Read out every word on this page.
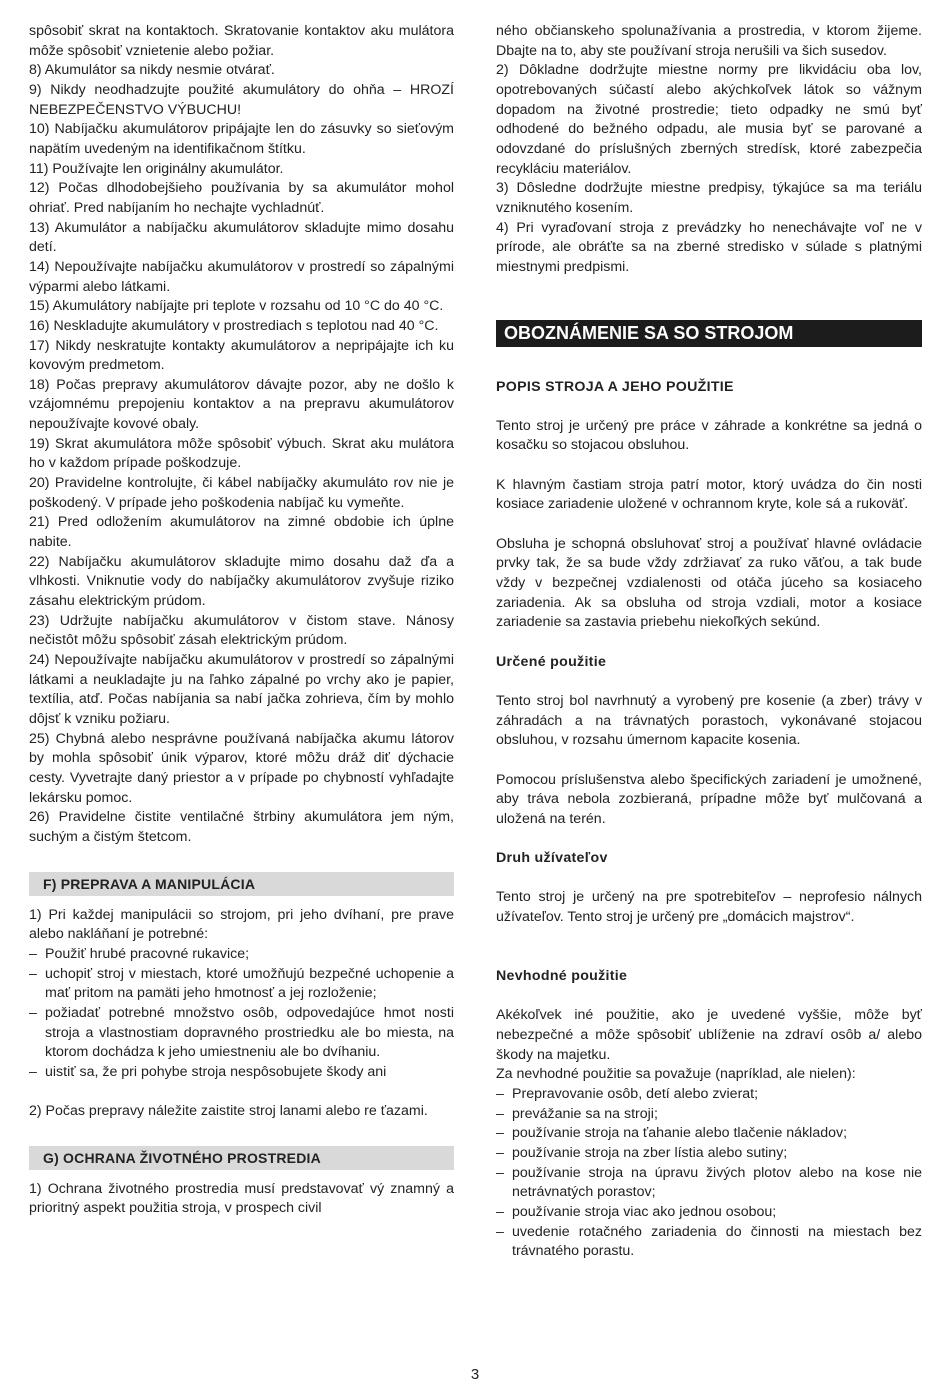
spôsobiť skrat na kontaktoch. Skratovanie kontaktov aku mulátora môže spôsobiť vznietenie alebo požiar.

8) Akumulátor sa nikdy nesmie otvárať.

9) Nikdy neodhadzujte použité akumulátory do ohňa – HROZÍ NEBEZPEČENSTVO VÝBUCHU!

10) Nabíjačku akumulátorov pripájajte len do zásuvky so sieťovým napätím uvedeným na identifikačnom štítku.

11) Používajte len originálny akumulátor.

12) Počas dlhodobejšieho používania by sa akumulátor mohol ohriať. Pred nabíjaním ho nechajte vychladnúť.

13) Akumulátor a nabíjačku akumulátorov skladujte mimo dosahu detí.

14) Nepoužívajte nabíjačku akumulátorov v prostredí so zápalnými výparmi alebo látkami.

15) Akumulátory nabíjajte pri teplote v rozsahu od 10 °C do 40 °C.

16) Neskladujte akumulátory v prostrediach s teplotou nad 40 °C.

17) Nikdy neskratujte kontakty akumulátorov a nepripájajte ich ku kovovým predmetom.

18) Počas prepravy akumulátorov dávajte pozor, aby ne došlo k vzájomnému prepojeniu kontaktov a na prepravu akumulátorov nepoužívajte kovové obaly.

19) Skrat akumulátora môže spôsobiť výbuch. Skrat aku mulátora ho v každom prípade poškodzuje.

20) Pravidelne kontrolujte, či kábel nabíjačky akumuláto rov nie je poškodený. V prípade jeho poškodenia nabíjač ku vymeňte.

21) Pred odložením akumulátorov na zimné obdobie ich úplne nabite.

22) Nabíjačku akumulátorov skladujte mimo dosahu daž ďa a vlhkosti. Vniknutie vody do nabíjačky akumulátorov zvyšuje riziko zásahu elektrickým prúdom.

23) Udržujte nabíjačku akumulátorov v čistom stave. Nánosy nečistôt môžu spôsobiť zásah elektrickým prúdom.

24) Nepoužívajte nabíjačku akumulátorov v prostredí so zápalnými látkami a neukladajte ju na ľahko zápalné po vrchy ako je papier, textília, atď. Počas nabíjania sa nabí jačka zohrieva, čím by mohlo dôjsť k vzniku požiaru.

25) Chybná alebo nesprávne používaná nabíjačka akumu látorov by mohla spôsobiť únik výparov, ktoré môžu dráž diť dýchacie cesty. Vyvetrajte daný priestor a v prípade po chybností vyhľadajte lekársku pomoc.

26) Pravidelne čistite ventilačné štrbiny akumulátora jem ným, suchým a čistým štetcom.

F) PREPRAVA A MANIPULÁCIA

1) Pri každej manipulácii so strojom, pri jeho dvíhaní, pre prave alebo nakláňaní je potrebné:

– Použiť hrubé pracovné rukavice;
– uchopiť stroj v miestach, ktoré umožňujú bezpečné uchopenie a mať pritom na pamäti jeho hmotnosť a jej rozloženie;
– požiadať potrebné množstvo osôb, odpovedajúce hmot nosti stroja a vlastnostiam dopravného prostriedku ale bo miesta, na ktorom dochádza k jeho umiestneniu ale bo dvíhaniu.
– uistiť sa, že pri pohybe stroja nespôsobujete škody ani

2) Počas prepravy náležite zaistite stroj lanami alebo re ťazami.

G) OCHRANA ŽIVOTNÉHO PROSTREDIA

1) Ochrana životného prostredia musí predstavovať vý znamný a prioritný aspekt použitia stroja, v prospech civil

ného občianskeho spolunažívania a prostredia, v ktorom žijeme. Dbajte na to, aby ste používaní stroja nerušili va šich susedov.

2) Dôkladne dodržujte miestne normy pre likvidáciu oba lov, opotrebovaných súčastí alebo akýchkoľvek látok so vážnym dopadom na životné prostredie; tieto odpadky ne smú byť odhodené do bežného odpadu, ale musia byť se parované a odovzdané do príslušných zberných stredísk, ktoré zabezpečia recykláciu materiálov.

3) Dôsledne dodržujte miestne predpisy, týkajúce sa ma teriálu vzniknutého kosením.

4) Pri vyraďovaní stroja z prevádzky ho nenechávajte voľ ne v prírode, ale obráťte sa na zberné stredisko v súlade s platnými miestnymi predpismi.

OBOZNÁMENIE SA SO STROJOM
POPIS STROJA A JEHO POUŽITIE

Tento stroj je určený pre práce v záhrade a konkrétne sa jedná o kosačku so stojacou obsluhou.

K hlavným častiam stroja patrí motor, ktorý uvádza do čin nosti kosiace zariadenie uložené v ochrannom kryte, kole sá a rukoväť.

Obsluha je schopná obsluhovať stroj a používať hlavné ovládacie prvky tak, že sa bude vždy zdržiavať za ruko văťou, a tak bude vždy v bezpečnej vzdialenosti od otáča júceho sa kosiaceho zariadenia. Ak sa obsluha od stroja vzdiali, motor a kosiace zariadenie sa zastavia priebehu niekoľkých sekúnd.

Určené použitie

Tento stroj bol navrhnutý a vyrobený pre kosenie (a zber) trávy v záhradách a na trávnatých porastoch, vykonávané stojacou obsluhou, v rozsahu úmernom kapacite kosenia.

Pomocou príslušenstva alebo špecifických zariadení je umožnené, aby tráva nebola zozbieraná, prípadne môže byť mulčovaná a uložená na terén.

Druh užívateľov

Tento stroj je určený na pre spotrebiteľov – neprofesio nálnych užívateľov. Tento stroj je určený pre „domácich majstrov“.

Nevhodné použitie

Akékoľvek iné použitie, ako je uvedené vyššie, môže byť nebezpečné a môže spôsobiť ublíženie na zdraví osôb a/ alebo škody na majetku.

Za nevhodné použitie sa považuje (napríklad, ale nielen):

– Prepravovanie osôb, detí alebo zvierat;
– prevážanie sa na stroji;
– používanie stroja na ťahanie alebo tlačenie nákladov;
– používanie stroja na zber lístia alebo sutiny;
– používanie stroja na úpravu živých plotov alebo na kose nie netrávnatých porastov;
– používanie stroja viac ako jednou osobou;
– uvedenie rotačného zariadenia do činnosti na miestach bez trávnatého porastu.
3
